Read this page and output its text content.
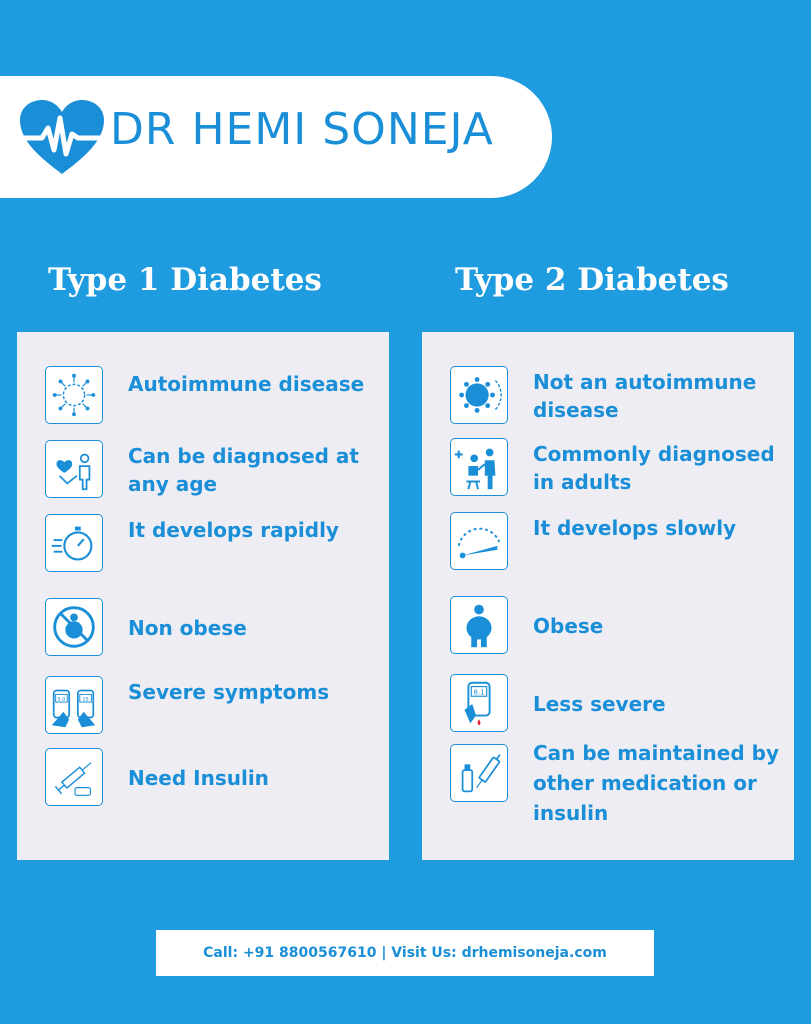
DR HEMI SONEJA
Type 1 Diabetes	Type 2 Diabetes
Autoimmune disease
Can be diagnosed at any age
It develops rapidly
Non obese
5.0	15 Severe symptoms
Need Insulin
Not an autoimmune disease
Commonly diagnosed in adults
It develops slowly
Obese
8.1 Less severe
Can be maintained by other medication or insulin
Call: +91 8800567610 | Visit Us: drhemisoneja.com
